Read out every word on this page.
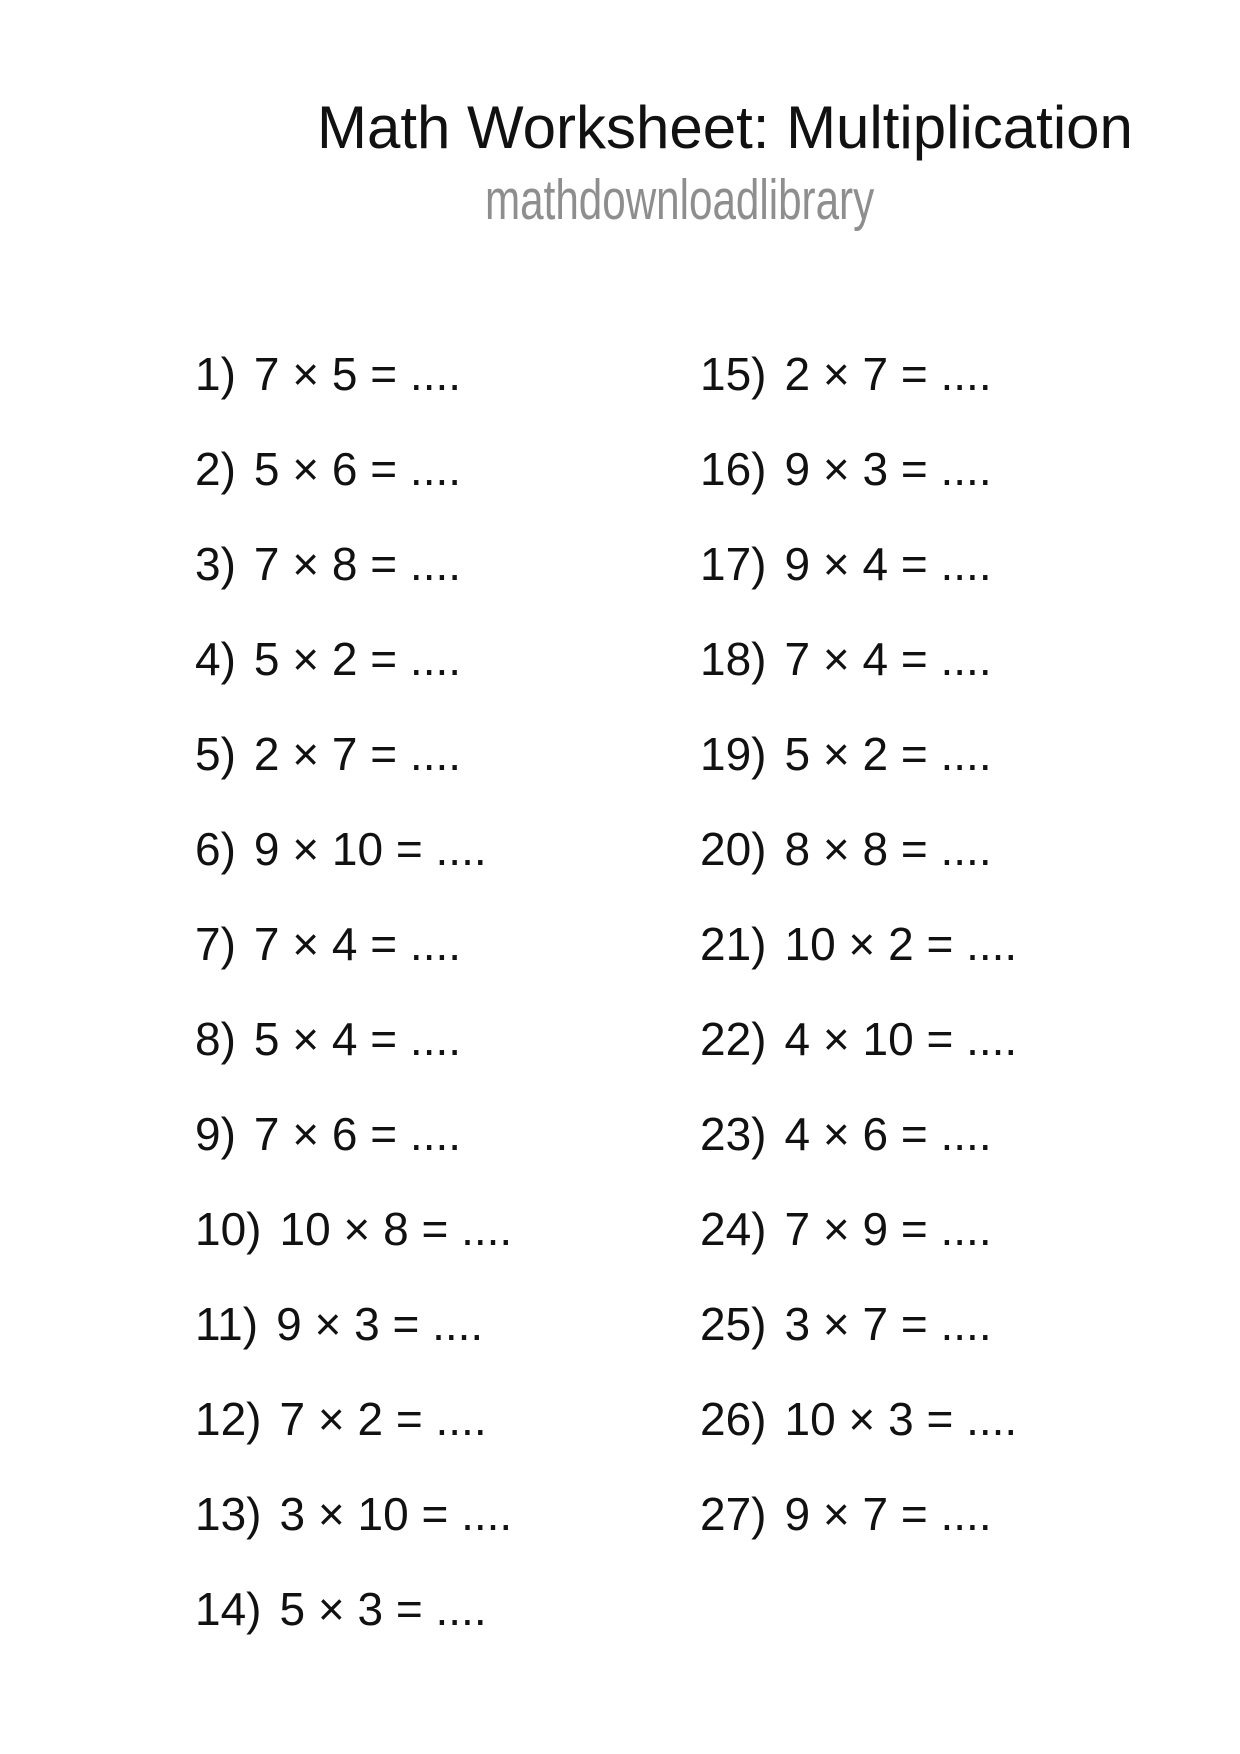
Math Worksheet: Multiplication
mathdownloadlibrary
1) 7 × 5 = ....
2) 5 × 6 = ....
3) 7 × 8 = ....
4) 5 × 2 = ....
5) 2 × 7 = ....
6) 9 × 10 = ....
7) 7 × 4 = ....
8) 5 × 4 = ....
9) 7 × 6 = ....
10) 10 × 8 = ....
11) 9 × 3 = ....
12) 7 × 2 = ....
13) 3 × 10 = ....
14) 5 × 3 = ....
15) 2 × 7 = ....
16) 9 × 3 = ....
17) 9 × 4 = ....
18) 7 × 4 = ....
19) 5 × 2 = ....
20) 8 × 8 = ....
21) 10 × 2 = ....
22) 4 × 10 = ....
23) 4 × 6 = ....
24) 7 × 9 = ....
25) 3 × 7 = ....
26) 10 × 3 = ....
27) 9 × 7 = ....
